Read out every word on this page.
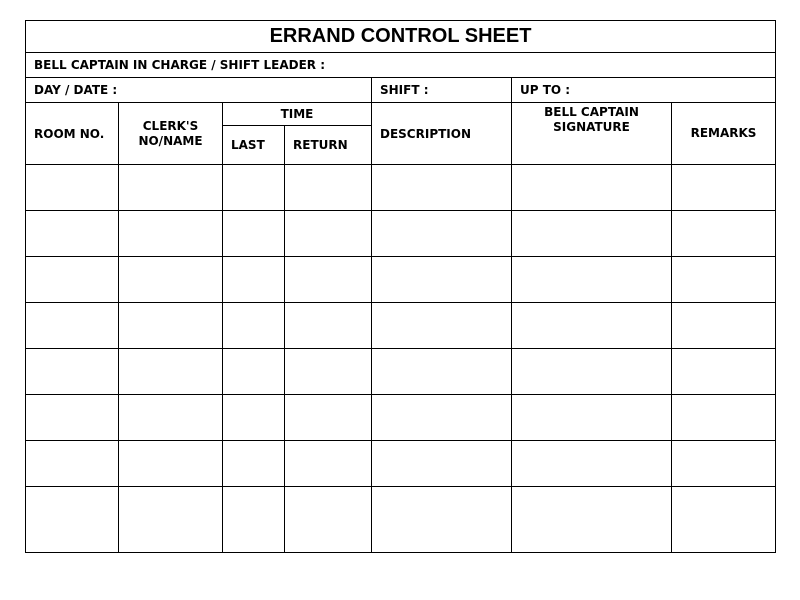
ERRAND CONTROL SHEET						
BELL CAPTAIN IN CHARGE / SHIFT LEADER :						
DAY / DATE :				SHIFT :	UP TO :	
ROOM NO.	CLERK'S NO/NAME	TIME		DESCRIPTION	BELL CAPTAIN SIGNATURE	REMARKS
		LAST	RETURN			
